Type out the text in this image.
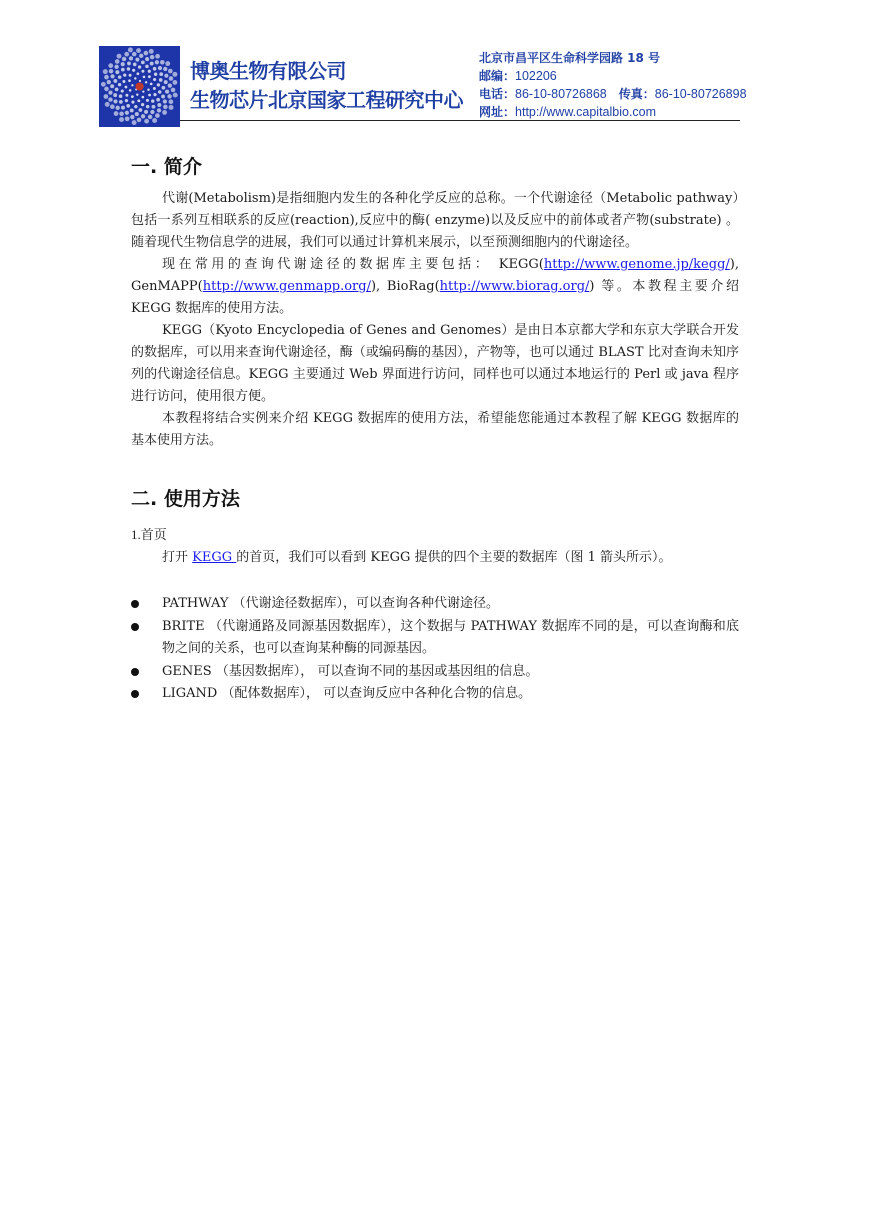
博奥生物有限公司
生物芯片北京国家工程研究中心
北京市昌平区生命科学园路 18 号
邮编：102206
电话：86-10-80726868 传真：86-10-80726898
网址：http://www.capitalbio.com
一. 简介

代谢(Metabolism)是指细胞内发生的各种化学反应的总称。一个代谢途径（Metabolic pathway）包括一系列互相联系的反应(reaction),反应中的酶( enzyme)以及反应中的前体或者产物(substrate) 。 随着现代生物信息学的进展，我们可以通过计算机来展示，以至预测细胞内的代谢途径。

现在常用的查询代谢途径的数据库主要包括： KEGG(http://www.genome.jp/kegg/), GenMAPP(http://www.genmapp.org/), BioRag(http://www.biorag.org/) 等。本教程主要介绍 KEGG 数据库的使用方法。

KEGG（Kyoto Encyclopedia of Genes and Genomes）是由日本京都大学和东京大学联合开发的数据库，可以用来查询代谢途径，酶（或编码酶的基因），产物等，也可以通过 BLAST 比对查询未知序列的代谢途径信息。KEGG 主要通过 Web 界面进行访问，同样也可以通过本地运行的 Perl 或 java 程序进行访问，使用很方便。

本教程将结合实例来介绍 KEGG 数据库的使用方法，希望能您能通过本教程了解 KEGG 数据库的基本使用方法。

二. 使用方法

1.首页

打开 KEGG 的首页，我们可以看到 KEGG 提供的四个主要的数据库（图 1 箭头所示）。

PATHWAY （代谢途径数据库），可以查询各种代谢途径。
BRITE （代谢通路及同源基因数据库），这个数据与 PATHWAY 数据库不同的是，可以查询酶和底物之间的关系，也可以查询某种酶的同源基因。
GENES （基因数据库）， 可以查询不同的基因或基因组的信息。
LIGAND （配体数据库）， 可以查询反应中各种化合物的信息。
